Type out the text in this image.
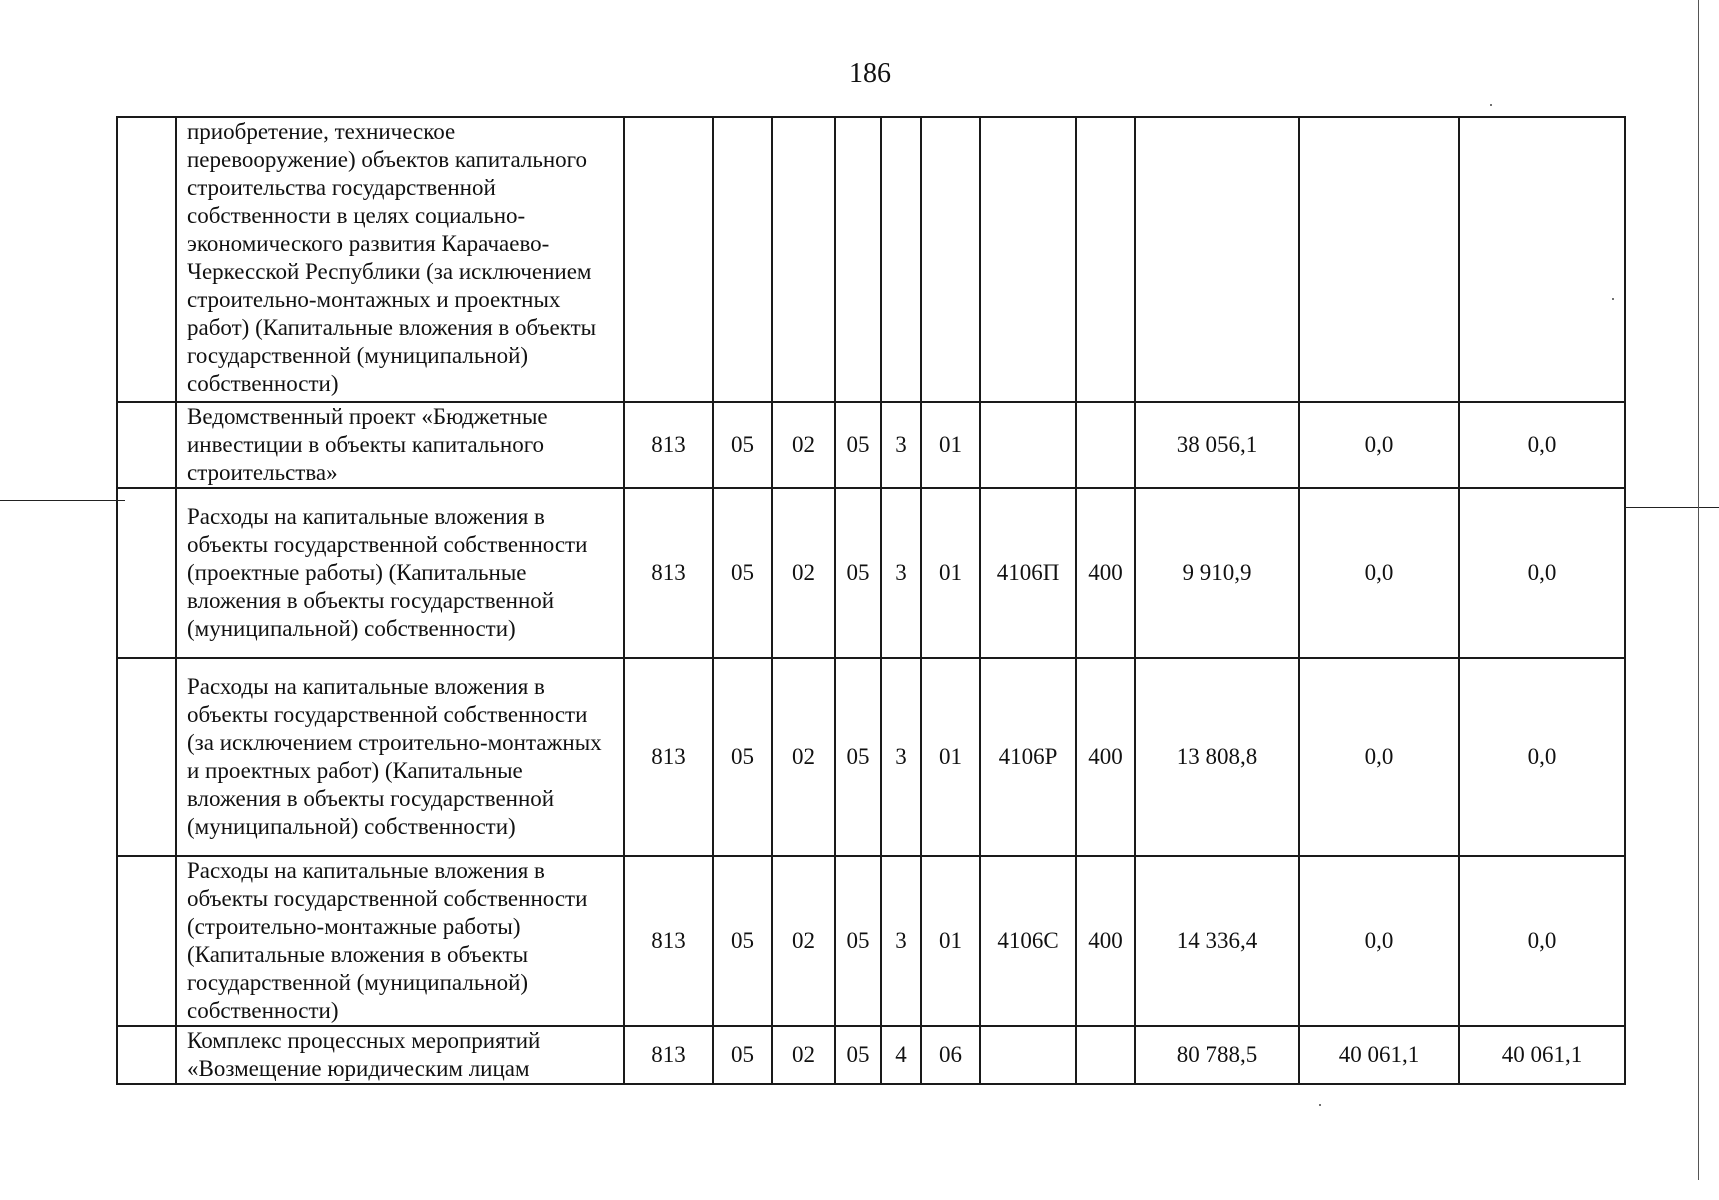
186
	приобретение, техническое перевооружение) объектов капитального строительства государственной собственности в целях социально-экономического развития Карачаево-Черкесской Республики (за исключением строительно-монтажных и проектных работ) (Капитальные вложения в объекты государственной (муниципальной) собственности)											
	Ведомственный проект «Бюджетные инвестиции в объекты капитального строительства»	813	05	02	05	3	01			38 056,1	0,0	0,0
	Расходы на капитальные вложения в объекты государственной собственности (проектные работы) (Капитальные вложения в объекты государственной (муниципальной) собственности)	813	05	02	05	3	01	4106П	400	9 910,9	0,0	0,0
	Расходы на капитальные вложения в объекты государственной собственности (за исключением строительно-монтажных и проектных работ) (Капитальные вложения в объекты государственной (муниципальной) собственности)	813	05	02	05	3	01	4106Р	400	13 808,8	0,0	0,0
	Расходы на капитальные вложения в объекты государственной собственности (строительно-монтажные работы) (Капитальные вложения в объекты государственной (муниципальной) собственности)	813	05	02	05	3	01	4106С	400	14 336,4	0,0	0,0
	Комплекс процессных мероприятий «Возмещение юридическим лицам	813	05	02	05	4	06			80 788,5	40 061,1	40 061,1
